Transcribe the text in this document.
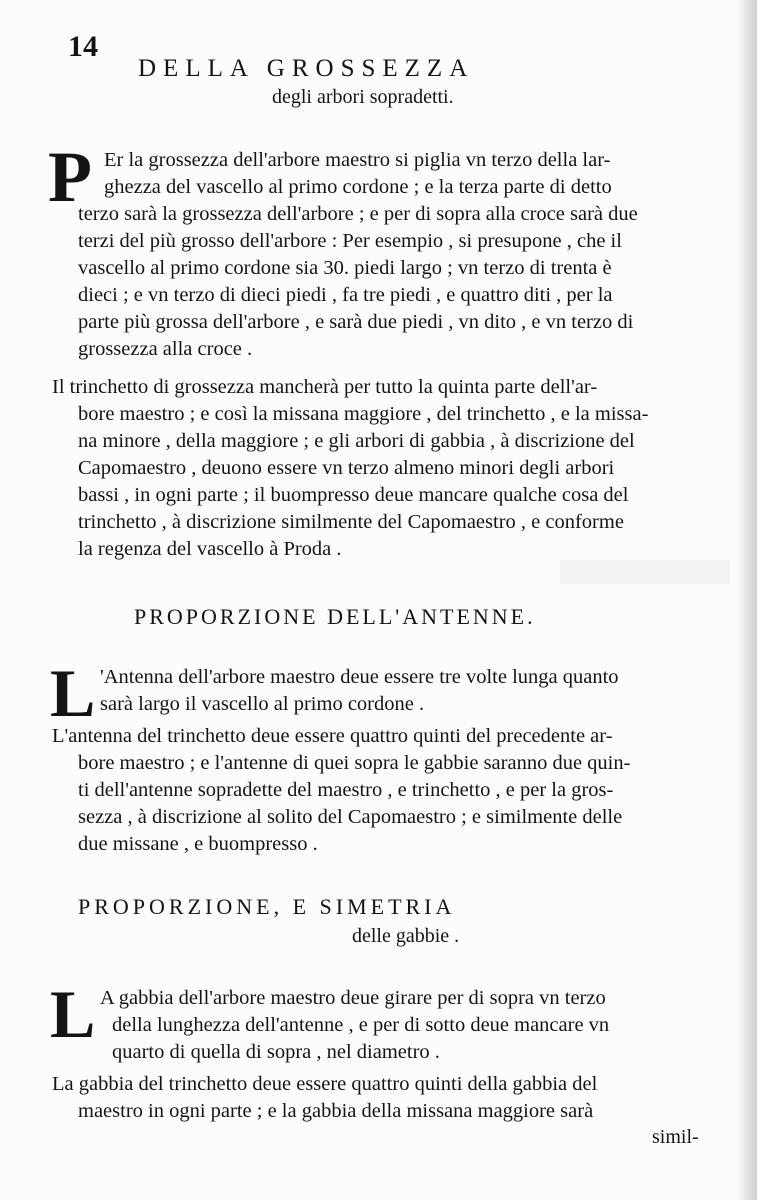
14
DELLA GROSSEZZA
degli arbori sopradetti.
P Er la grossezza dell'arbore maestro si piglia vn terzo della lar-
ghezza del vascello al primo cordone ; e la terza parte di detto
terzo sarà la grossezza dell'arbore ; e per di sopra alla croce sarà due
terzi del più grosso dell'arbore : Per esempio , si presupone , che il
vascello al primo cordone sia 30. piedi largo ; vn terzo di trenta è
dieci ; e vn terzo di dieci piedi , fa tre piedi , e quattro diti , per la
parte più grossa dell'arbore , e sarà due piedi , vn dito , e vn terzo di
grossezza alla croce .
Il trinchetto di grossezza mancherà per tutto la quinta parte dell'ar-
bore maestro ; e così la missana maggiore , del trinchetto , e la missa-
na minore , della maggiore ; e gli arbori di gabbia , à discrizione del
Capomaestro , deuono essere vn terzo almeno minori degli arbori
bassi , in ogni parte ; il buompresso deue mancare qualche cosa del
trinchetto , à discrizione similmente del Capomaestro , e conforme
la regenza del vascello à Proda .
PROPORZIONE DELL'ANTENNE.
L 'Antenna dell'arbore maestro deue essere tre volte lunga quanto
sarà largo il vascello al primo cordone .
L'antenna del trinchetto deue essere quattro quinti del precedente ar-
bore maestro ; e l'antenne di quei sopra le gabbie saranno due quin-
ti dell'antenne sopradette del maestro , e trinchetto , e per la gros-
sezza , à discrizione al solito del Capomaestro ; e similmente delle
due missane , e buompresso .
PROPORZIONE, E SIMETRIA
delle gabbie .
L A gabbia dell'arbore maestro deue girare per di sopra vn terzo
della lunghezza dell'antenne , e per di sotto deue mancare vn
quarto di quella di sopra , nel diametro .
La gabbia del trinchetto deue essere quattro quinti della gabbia del
maestro in ogni parte ; e la gabbia della missana maggiore sarà
simil-
